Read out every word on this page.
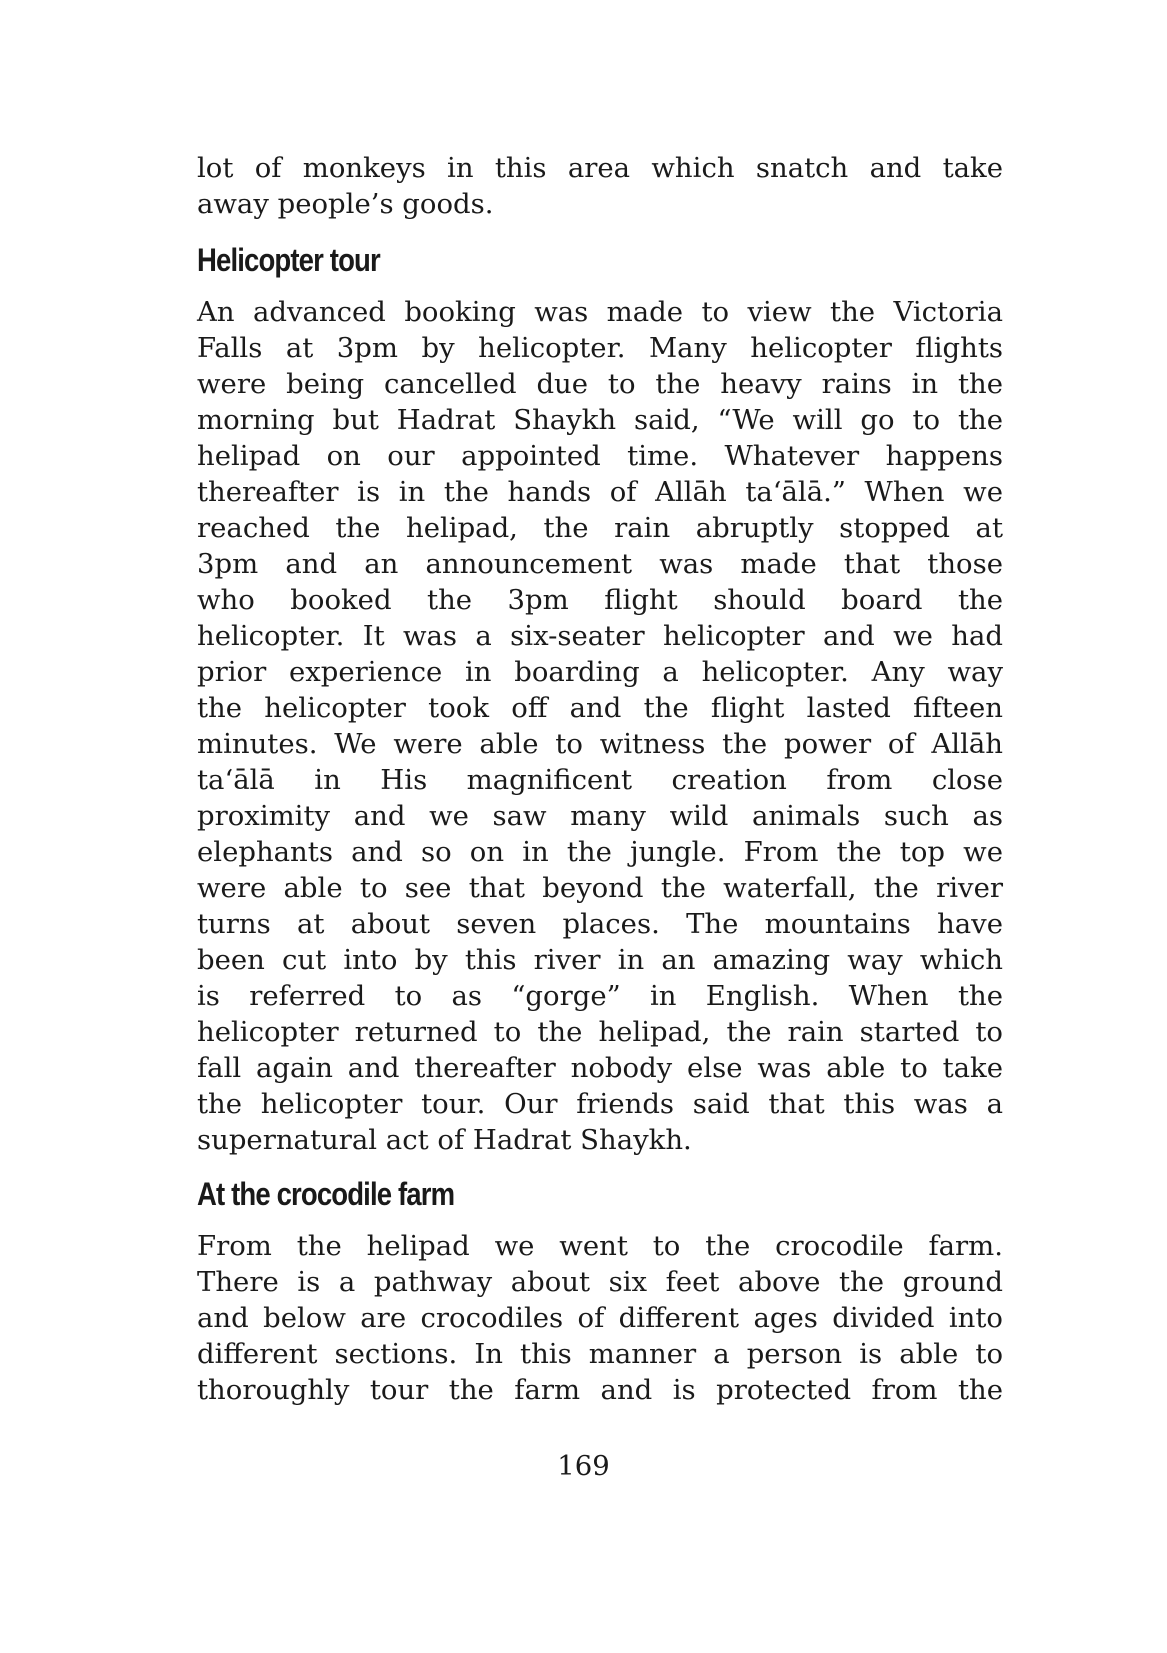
lot of monkeys in this area which snatch and take
away people’s goods.

Helicopter tour

An advanced booking was made to view the Victoria
Falls at 3pm by helicopter. Many helicopter flights
were being cancelled due to the heavy rains in the
morning but Hadrat Shaykh said, “We will go to the
helipad on our appointed time. Whatever happens
thereafter is in the hands of Allāh ta‘ālā.” When we
reached the helipad, the rain abruptly stopped at
3pm and an announcement was made that those
who booked the 3pm flight should board the
helicopter. It was a six-seater helicopter and we had
prior experience in boarding a helicopter. Any way
the helicopter took off and the flight lasted fifteen
minutes. We were able to witness the power of Allāh
ta‘ālā in His magnificent creation from close
proximity and we saw many wild animals such as
elephants and so on in the jungle. From the top we
were able to see that beyond the waterfall, the river
turns at about seven places. The mountains have
been cut into by this river in an amazing way which
is referred to as “gorge” in English. When the
helicopter returned to the helipad, the rain started to
fall again and thereafter nobody else was able to take
the helicopter tour. Our friends said that this was a
supernatural act of Hadrat Shaykh.

At the crocodile farm

From the helipad we went to the crocodile farm.
There is a pathway about six feet above the ground
and below are crocodiles of different ages divided into
different sections. In this manner a person is able to
thoroughly tour the farm and is protected from the

169
